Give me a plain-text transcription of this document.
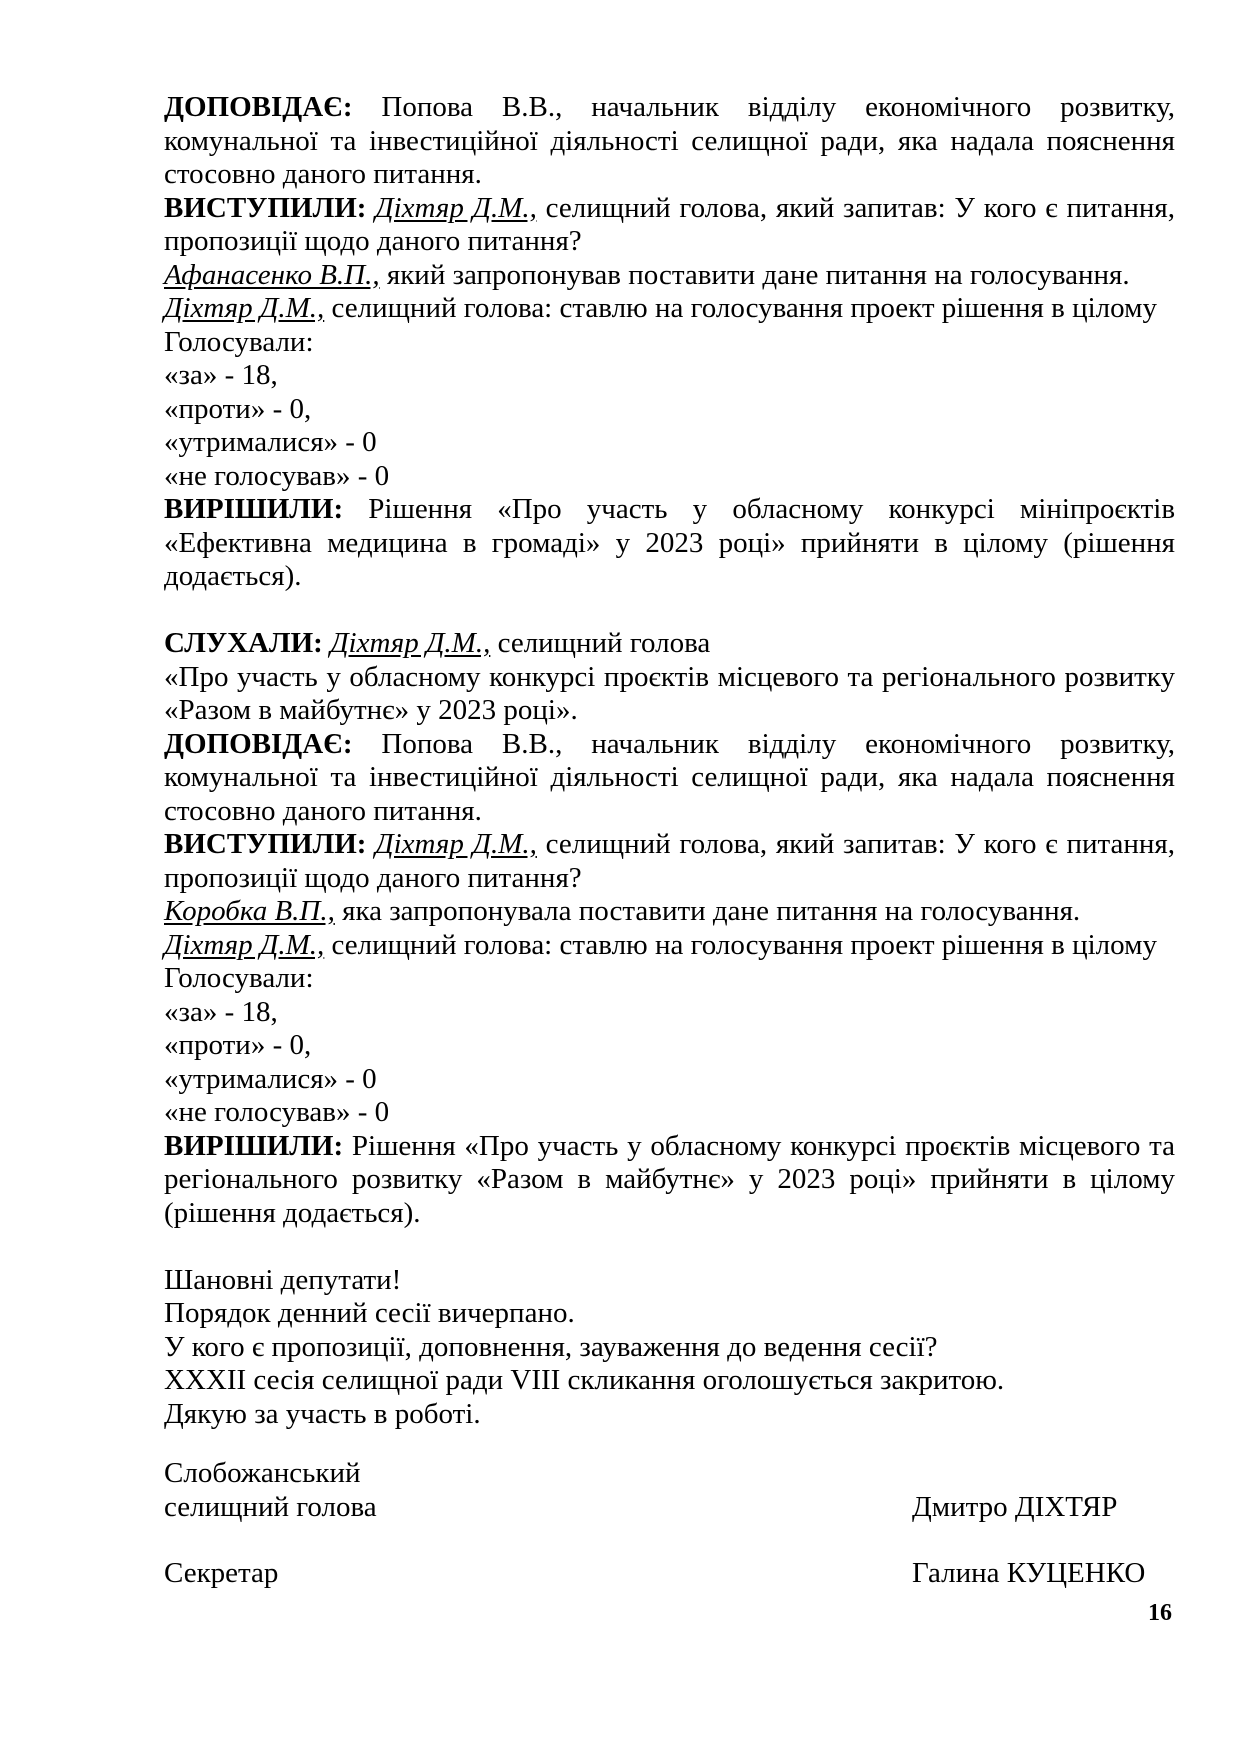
ДОПОВІДАЄ: Попова В.В., начальник відділу економічного розвитку, комунальної та інвестиційної діяльності селищної ради, яка надала пояснення стосовно даного питання.

ВИСТУПИЛИ: Діхтяр Д.М., селищний голова, який запитав: У кого є питання, пропозиції щодо даного питання?

Афанасенко В.П., який запропонував поставити дане питання на голосування.

Діхтяр Д.М., селищний голова: ставлю на голосування проект рішення в цілому

Голосували:

«за» - 18,

«проти» - 0,

«утрималися» - 0

«не голосував» - 0

ВИРІШИЛИ: Рішення «Про участь у обласному конкурсі мініпроєктів «Ефективна медицина в громаді» у 2023 році» прийняти в цілому (рішення додається).

СЛУХАЛИ: Діхтяр Д.М., селищний голова

«Про участь у обласному конкурсі проєктів місцевого та регіонального розвитку «Разом в майбутнє» у 2023 році».

ДОПОВІДАЄ: Попова В.В., начальник відділу економічного розвитку, комунальної та інвестиційної діяльності селищної ради, яка надала пояснення стосовно даного питання.

ВИСТУПИЛИ: Діхтяр Д.М., селищний голова, який запитав: У кого є питання, пропозиції щодо даного питання?

Коробка В.П., яка запропонувала поставити дане питання на голосування.

Діхтяр Д.М., селищний голова: ставлю на голосування проект рішення в цілому

Голосували:

«за» - 18,

«проти» - 0,

«утрималися» - 0

«не голосував» - 0

ВИРІШИЛИ: Рішення «Про участь у обласному конкурсі проєктів місцевого та регіонального розвитку «Разом в майбутнє» у 2023 році» прийняти в цілому (рішення додається).

Шановні депутати!

Порядок денний сесії вичерпано.

У кого є пропозиції, доповнення, зауваження до ведення сесії?

XXXII сесія селищної ради VIII скликання оголошується закритою.

Дякую за участь в роботі.

Слобожанський
селищний голова	Дмитро ДІХТЯР
Секретар	Галина КУЦЕНКО
16
